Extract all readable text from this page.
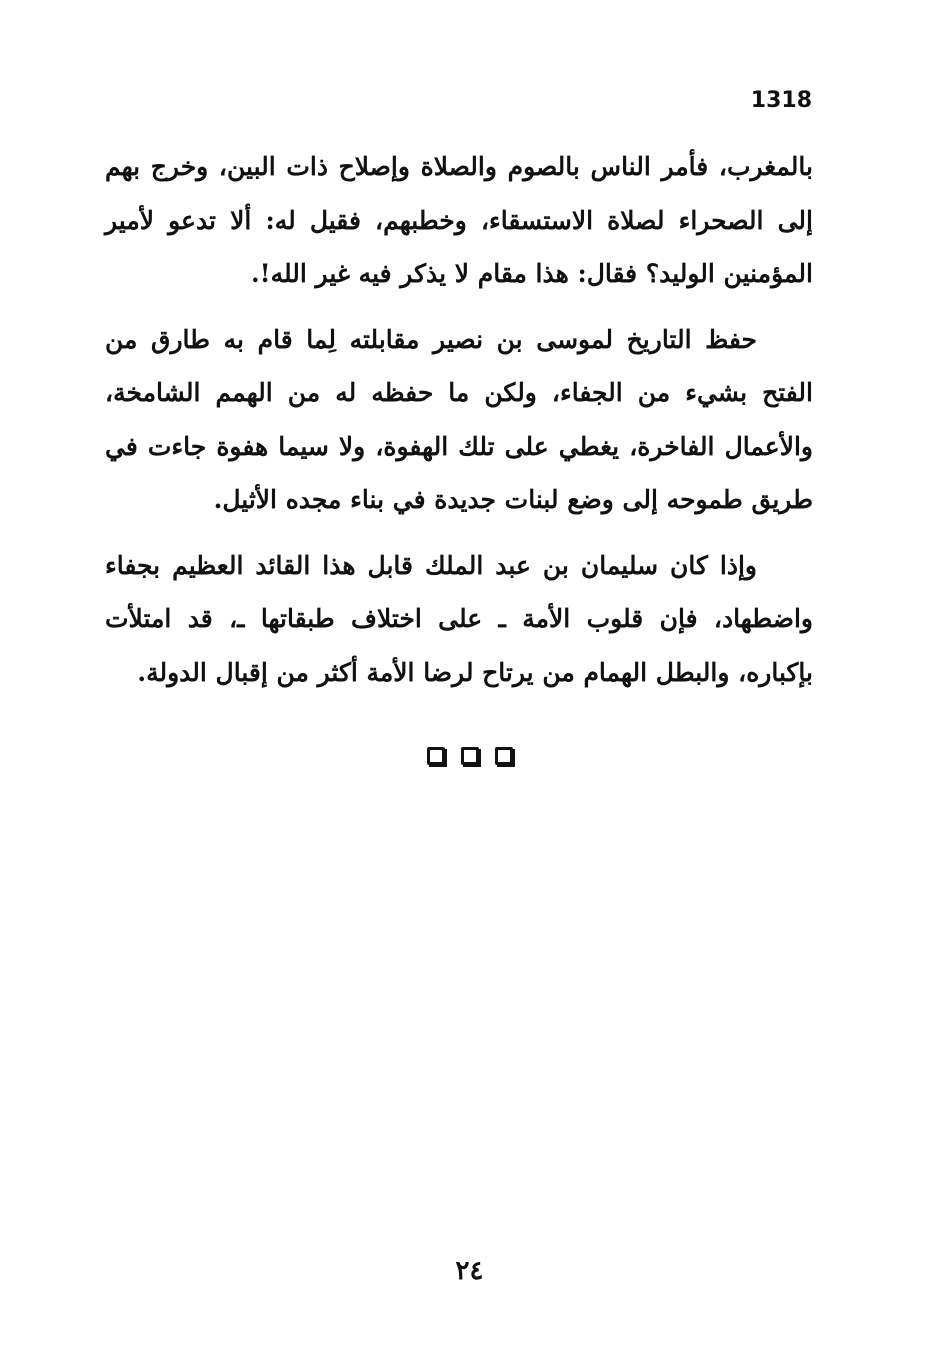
1318

بالمغرب، فأمر الناس بالصوم والصلاة وإصلاح ذات البين، وخرج بهم إلى الصحراء لصلاة الاستسقاء، وخطبهم، فقيل له: ألا تدعو لأمير المؤمنين الوليد؟ فقال: هذا مقام لا يذكر فيه غير الله!.

حفظ التاريخ لموسى بن نصير مقابلته لِما قام به طارق من الفتح بشيء من الجفاء، ولكن ما حفظه له من الهمم الشامخة، والأعمال الفاخرة، يغطي على تلك الهفوة، ولا سيما هفوة جاءت في طريق طموحه إلى وضع لبنات جديدة في بناء مجده الأثيل.

وإذا كان سليمان بن عبد الملك قابل هذا القائد العظيم بجفاء واضطهاد، فإن قلوب الأمة ـ على اختلاف طبقاتها ـ، قد امتلأت بإكباره، والبطل الهمام من يرتاح لرضا الأمة أكثر من إقبال الدولة.

٢٤
